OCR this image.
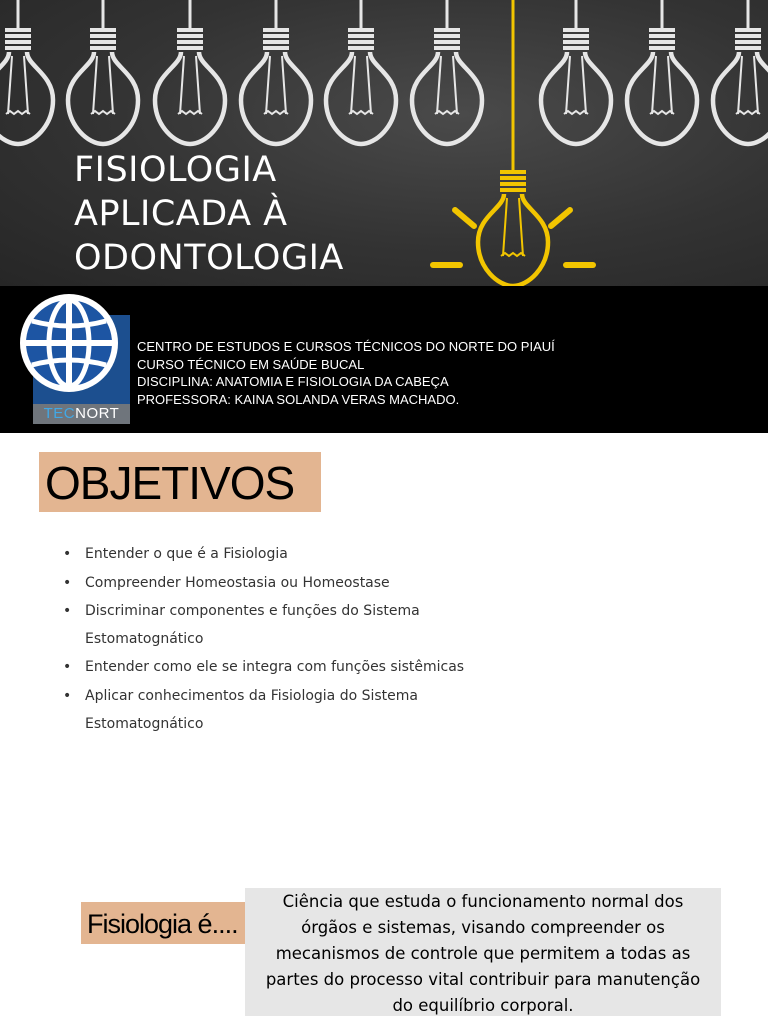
FISIOLOGIA
APLICADA À
ODONTOLOGIA
TECNORT
CENTRO DE ESTUDOS E CURSOS TÉCNICOS DO NORTE DO PIAUÍ
CURSO TÉCNICO EM SAÚDE BUCAL
DISCIPLINA: ANATOMIA E FISIOLOGIA DA CABEÇA
PROFESSORA: KAINA SOLANDA VERAS MACHADO.
OBJETIVOS
• Entender o que é a Fisiologia
• Compreender Homeostasia ou Homeostase
• Discriminar componentes e funções do Sistema
Estomatognático
• Entender como ele se integra com funções sistêmicas
• Aplicar conhecimentos da Fisiologia do Sistema
Estomatognático
Fisiologia é....
Ciência que estuda o funcionamento normal dos
órgãos e sistemas, visando compreender os
mecanismos de controle que permitem a todas as
partes do processo vital contribuir para manutenção
do equilíbrio corporal.
